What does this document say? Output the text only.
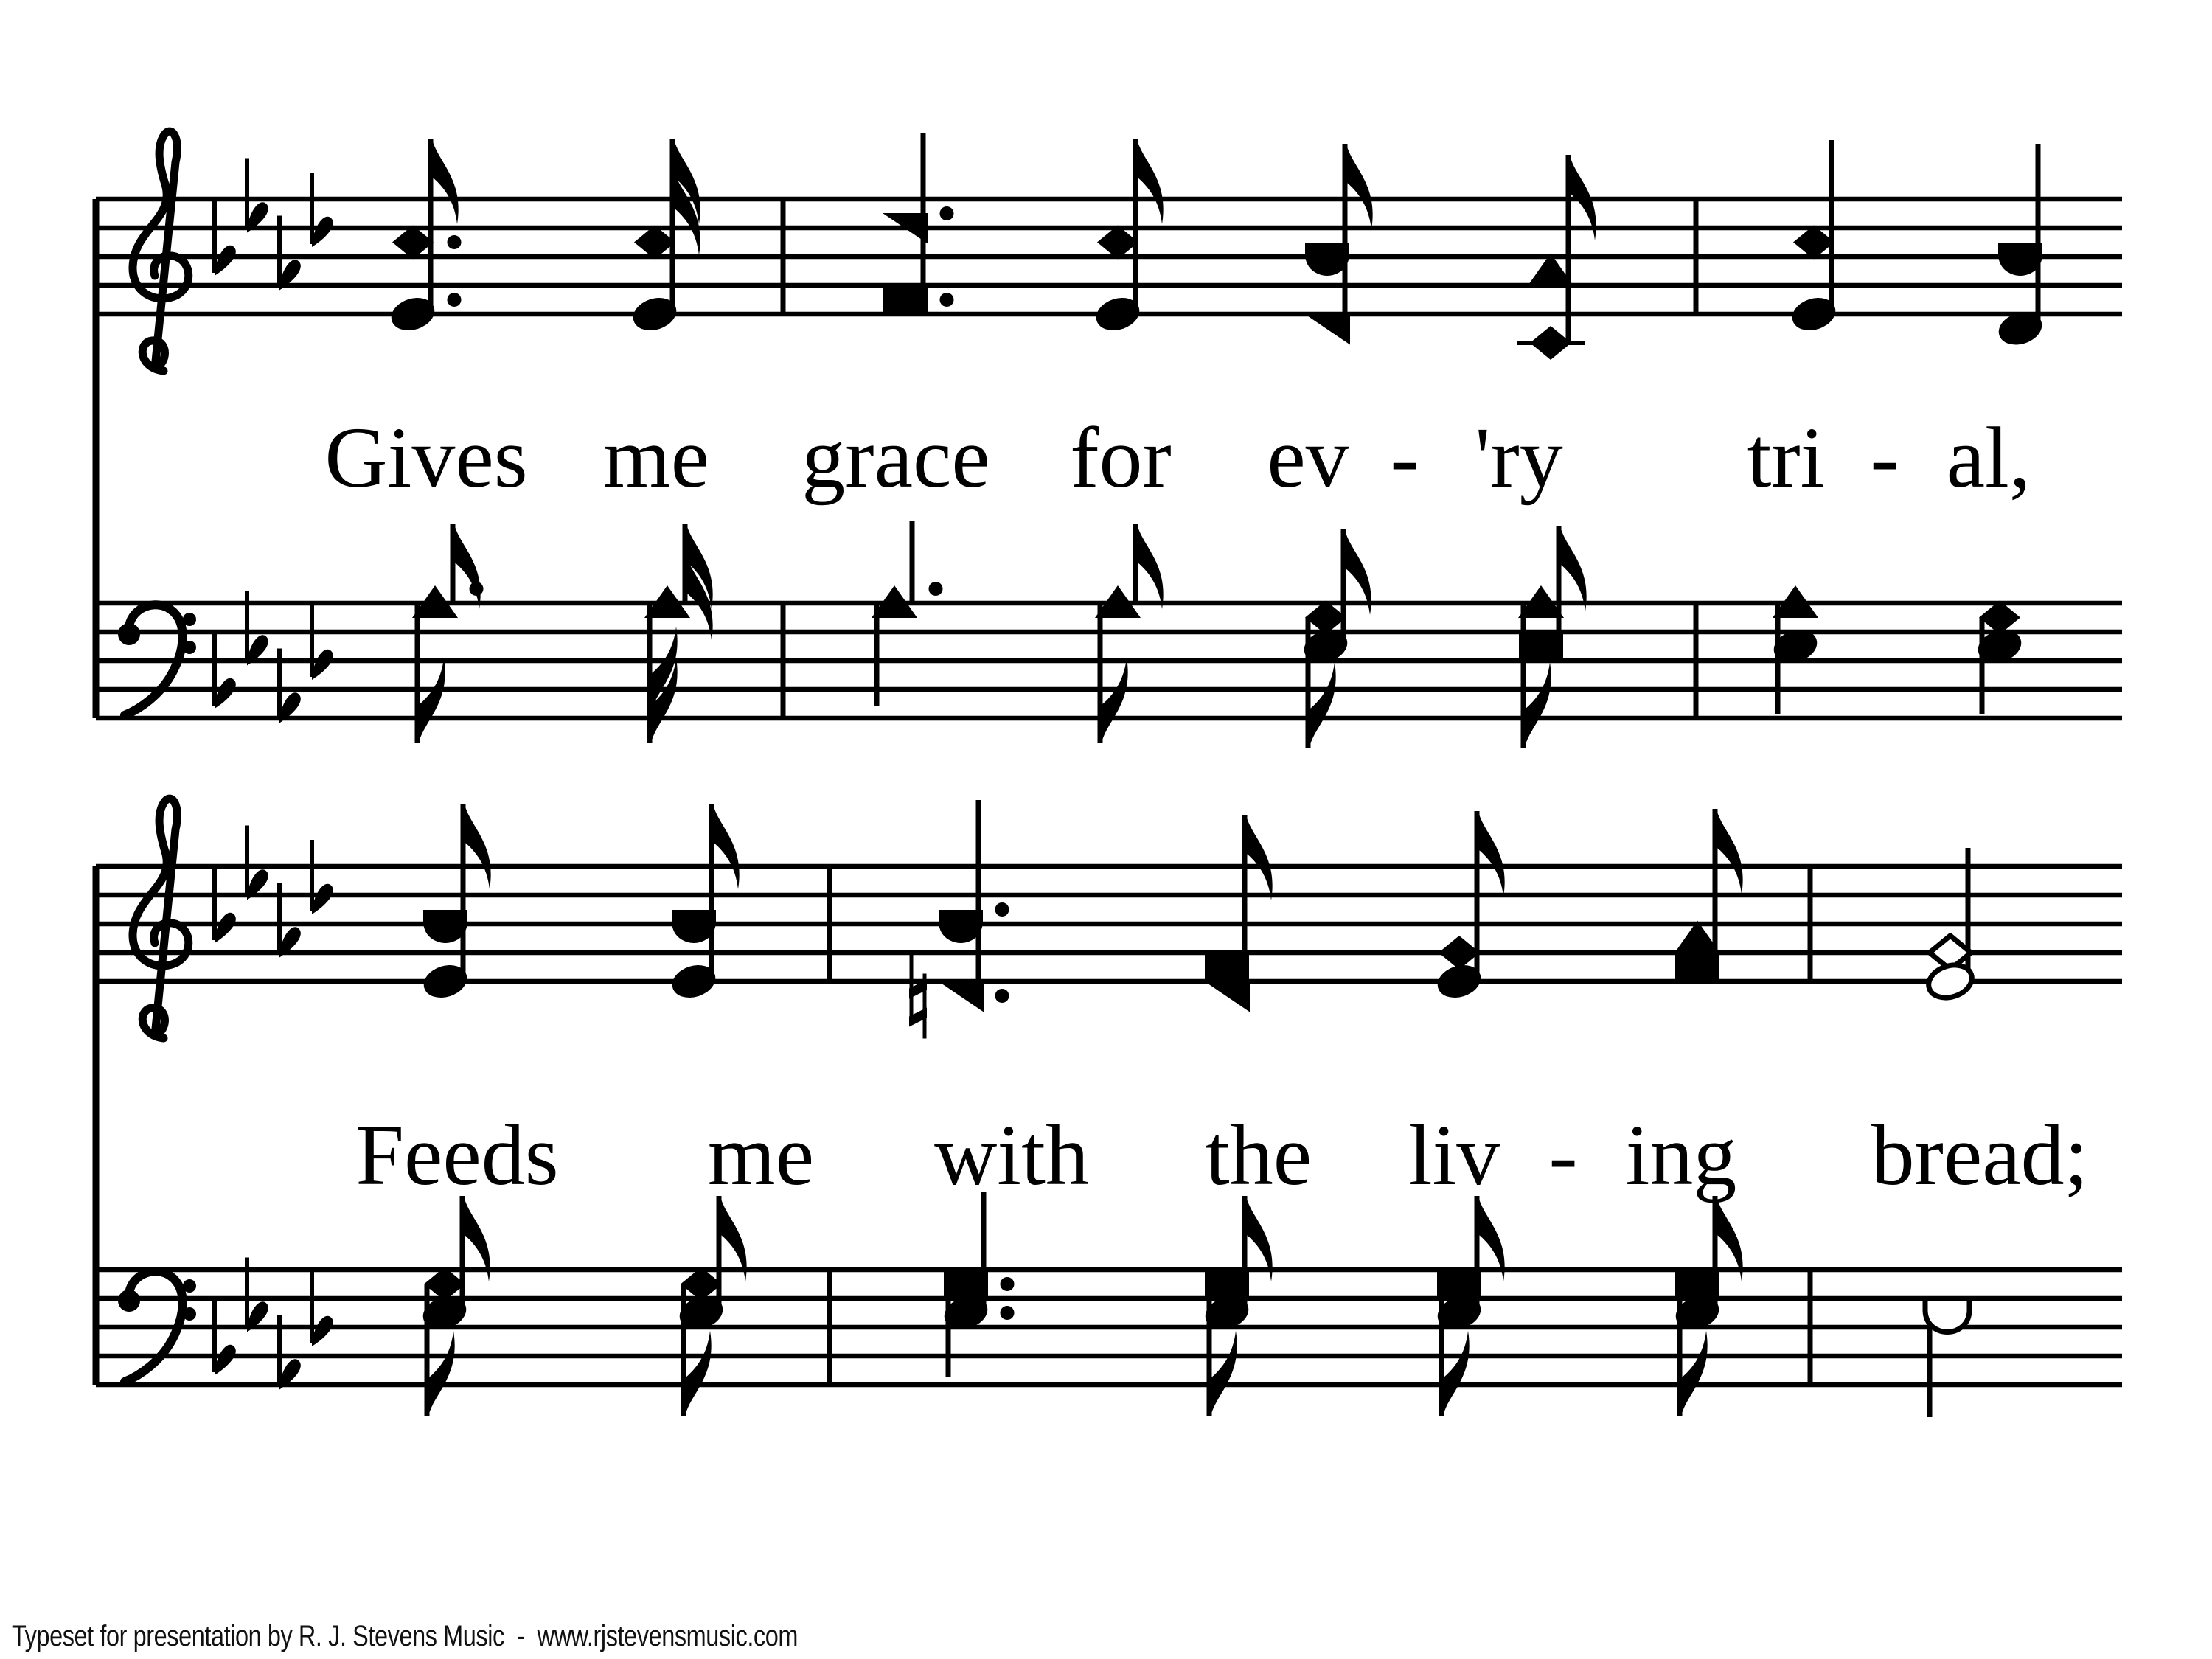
Gives me grace for ev - 'ry tri - al,
Feeds me with the liv - ing bread;
Typeset for presentation by R. J. Stevens Music  -  www.rjstevensmusic.com
